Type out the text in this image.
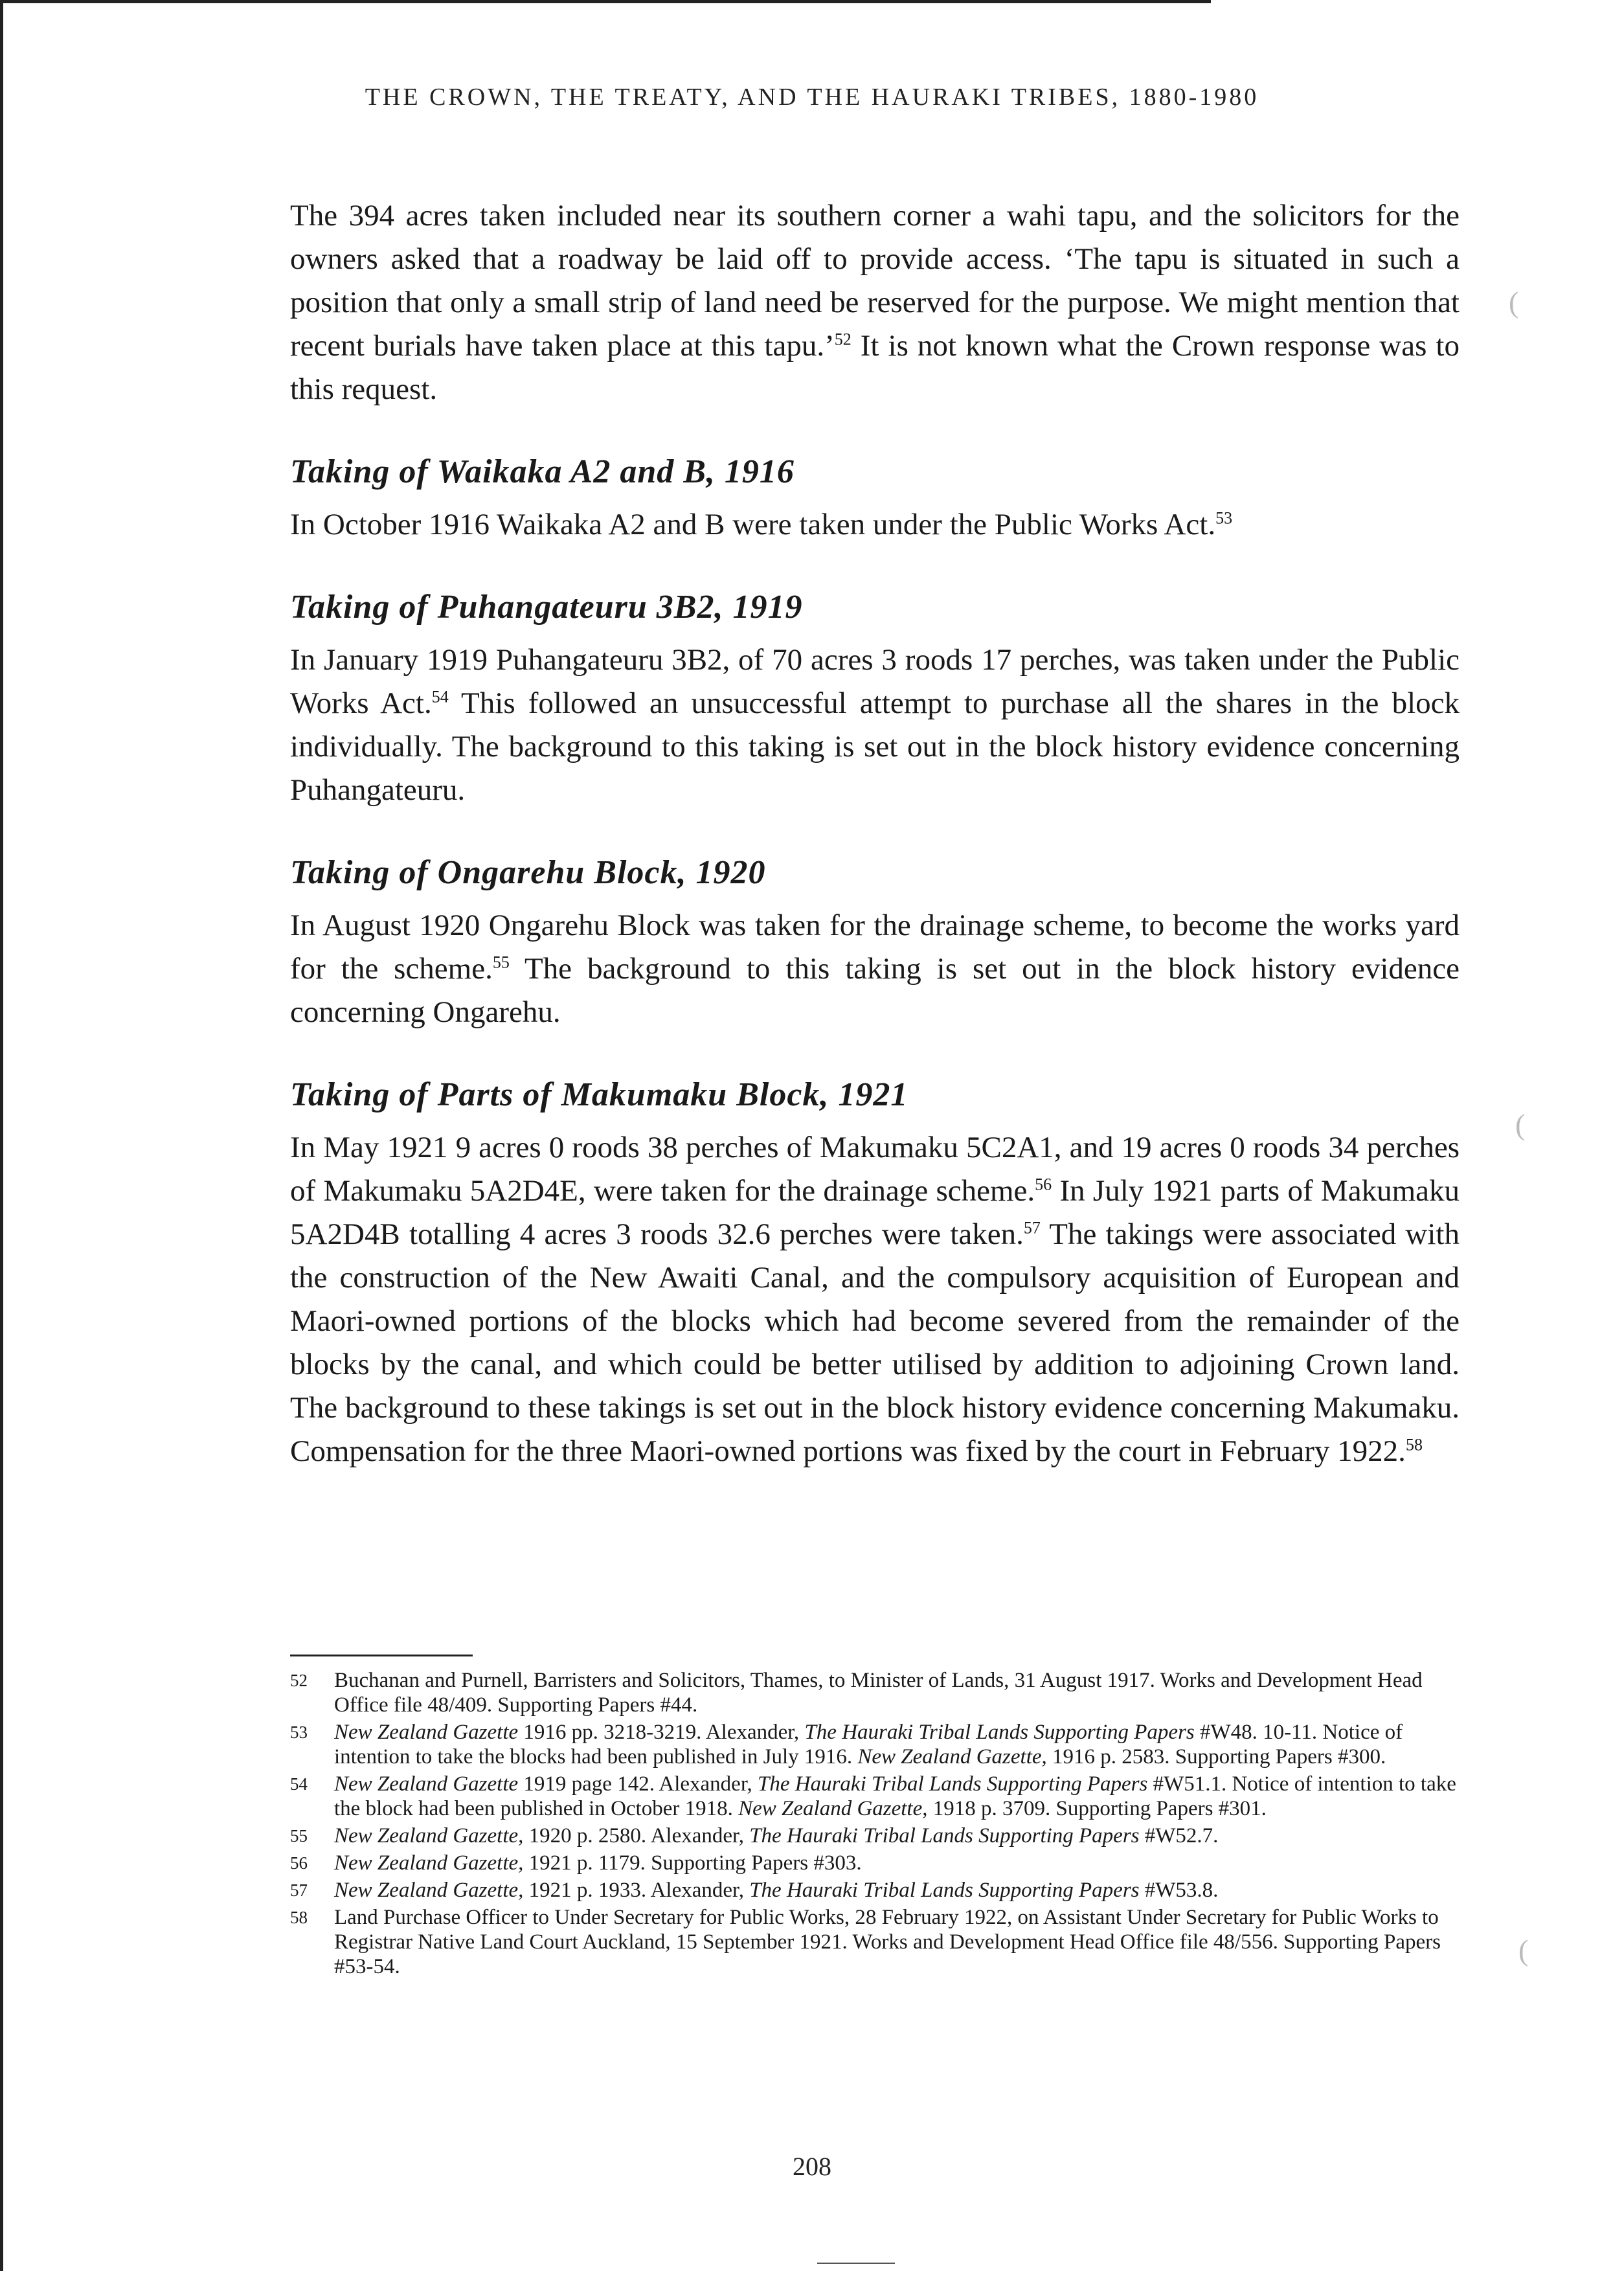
THE CROWN, THE TREATY, AND THE HAURAKI TRIBES, 1880-1980

The 394 acres taken included near its southern corner a wahi tapu, and the solicitors for the owners asked that a roadway be laid off to provide access. ‘The tapu is situated in such a position that only a small strip of land need be reserved for the purpose. We might mention that recent burials have taken place at this tapu.’$^{52}$ It is not known what the Crown response was to this request.

Taking of Waikaka A2 and B, 1916

In October 1916 Waikaka A2 and B were taken under the Public Works Act.$^{53}$

Taking of Puhangateuru 3B2, 1919

In January 1919 Puhangateuru 3B2, of 70 acres 3 roods 17 perches, was taken under the Public Works Act.$^{54}$ This followed an unsuccessful attempt to purchase all the shares in the block individually. The background to this taking is set out in the block history evidence concerning Puhangateuru.

Taking of Ongarehu Block, 1920

In August 1920 Ongarehu Block was taken for the drainage scheme, to become the works yard for the scheme.$^{55}$ The background to this taking is set out in the block history evidence concerning Ongarehu.

Taking of Parts of Makumaku Block, 1921

In May 1921 9 acres 0 roods 38 perches of Makumaku 5C2A1, and 19 acres 0 roods 34 perches of Makumaku 5A2D4E, were taken for the drainage scheme.$^{56}$ In July 1921 parts of Makumaku 5A2D4B totalling 4 acres 3 roods 32.6 perches were taken.$^{57}$ The takings were associated with the construction of the New Awaiti Canal, and the compulsory acquisition of European and Maori-owned portions of the blocks which had become severed from the remainder of the blocks by the canal, and which could be better utilised by addition to adjoining Crown land. The background to these takings is set out in the block history evidence concerning Makumaku. Compensation for the three Maori-owned portions was fixed by the court in February 1922.58

52	Buchanan and Purnell, Barristers and Solicitors, Thames, to Minister of Lands, 31 August 1917. Works and Development Head Office file 48/409. Supporting Papers #44.
53	New Zealand Gazette 1916 pp. 3218-3219. Alexander, The Hauraki Tribal Lands Supporting Papers #W48. 10-11. Notice of intention to take the blocks had been published in July 1916. New Zealand Gazette, 1916 p. 2583. Supporting Papers #300.
54	New Zealand Gazette 1919 page 142. Alexander, The Hauraki Tribal Lands Supporting Papers #W51.1. Notice of intention to take the block had been published in October 1918. New Zealand Gazette, 1918 p. 3709. Supporting Papers #301.
55	New Zealand Gazette, 1920 p. 2580. Alexander, The Hauraki Tribal Lands Supporting Papers #W52.7.
56	New Zealand Gazette, 1921 p. 1179. Supporting Papers #303.
57	New Zealand Gazette, 1921 p. 1933. Alexander, The Hauraki Tribal Lands Supporting Papers #W53.8.
58	Land Purchase Officer to Under Secretary for Public Works, 28 February 1922, on Assistant Under Secretary for Public Works to Registrar Native Land Court Auckland, 15 September 1921. Works and Development Head Office file 48/556. Supporting Papers #53-54.
208
(
(
(
